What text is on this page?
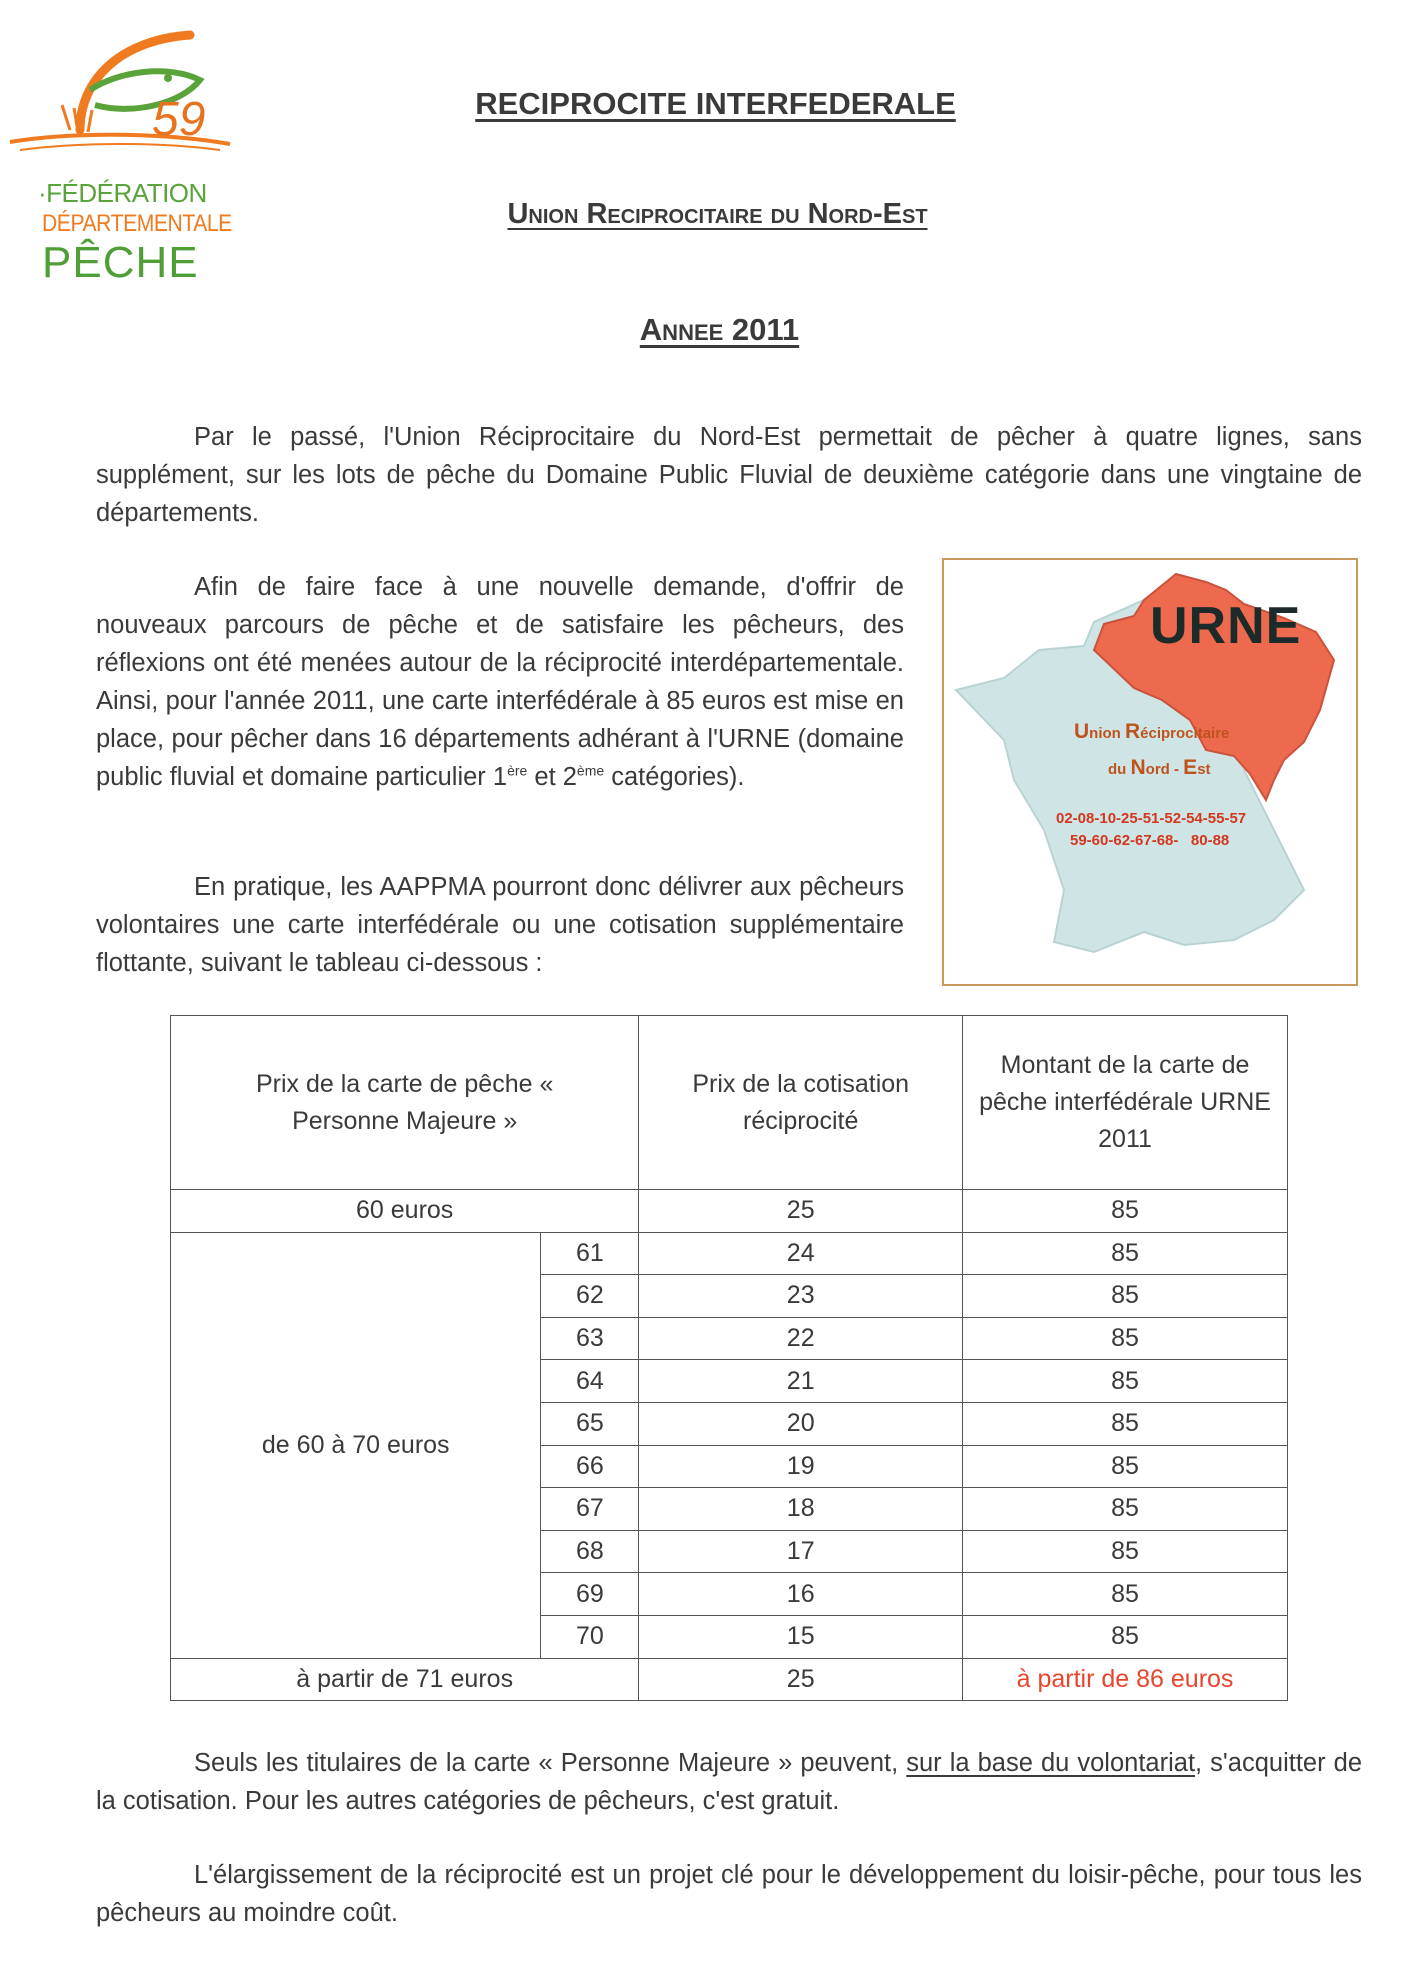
59
·FÉDÉRATION
DÉPARTEMENTALE
PÊCHE
RECIPROCITE INTERFEDERALE
Union Reciprocitaire du Nord-Est
Annee 2011

Par le passé, l'Union Réciprocitaire du Nord-Est permettait de pêcher à quatre lignes, sans supplément, sur les lots de pêche du Domaine Public Fluvial de deuxième catégorie dans une vingtaine de départements.

Afin de faire face à une nouvelle demande, d'offrir de nouveaux parcours de pêche et de satisfaire les pêcheurs, des réflexions ont été menées autour de la réciprocité interdépartementale. Ainsi, pour l'année 2011, une carte interfédérale à 85 euros est mise en place, pour pêcher dans 16 départements adhérant à l'URNE (domaine public fluvial et domaine particulier 1ère et 2ème catégories).

En pratique, les AAPPMA pourront donc délivrer aux pêcheurs volontaires une carte interfédérale ou une cotisation supplémentaire flottante, suivant le tableau ci-dessous :

URNE
Union Réciprocitaire
du Nord - Est
02-08-10-25-51-52-54-55-57
59-60-62-67-68-   80-88
Prix de la carte de pêche « Personne Majeure »		Prix de la cotisation réciprocité	Montant de la carte de pêche interfédérale URNE 2011

60 euros		25	85
de 60 à 70 euros	61	24	85
	62	23	85
	63	22	85
	64	21	85
	65	20	85
	66	19	85
	67	18	85
	68	17	85
	69	16	85
	70	15	85
à partir de 71 euros		25	à partir de 86 euros

Seuls les titulaires de la carte « Personne Majeure » peuvent, sur la base du volontariat, s'acquitter de la cotisation. Pour les autres catégories de pêcheurs, c'est gratuit.

L'élargissement de la réciprocité est un projet clé pour le développement du loisir-pêche, pour tous les pêcheurs au moindre coût.
